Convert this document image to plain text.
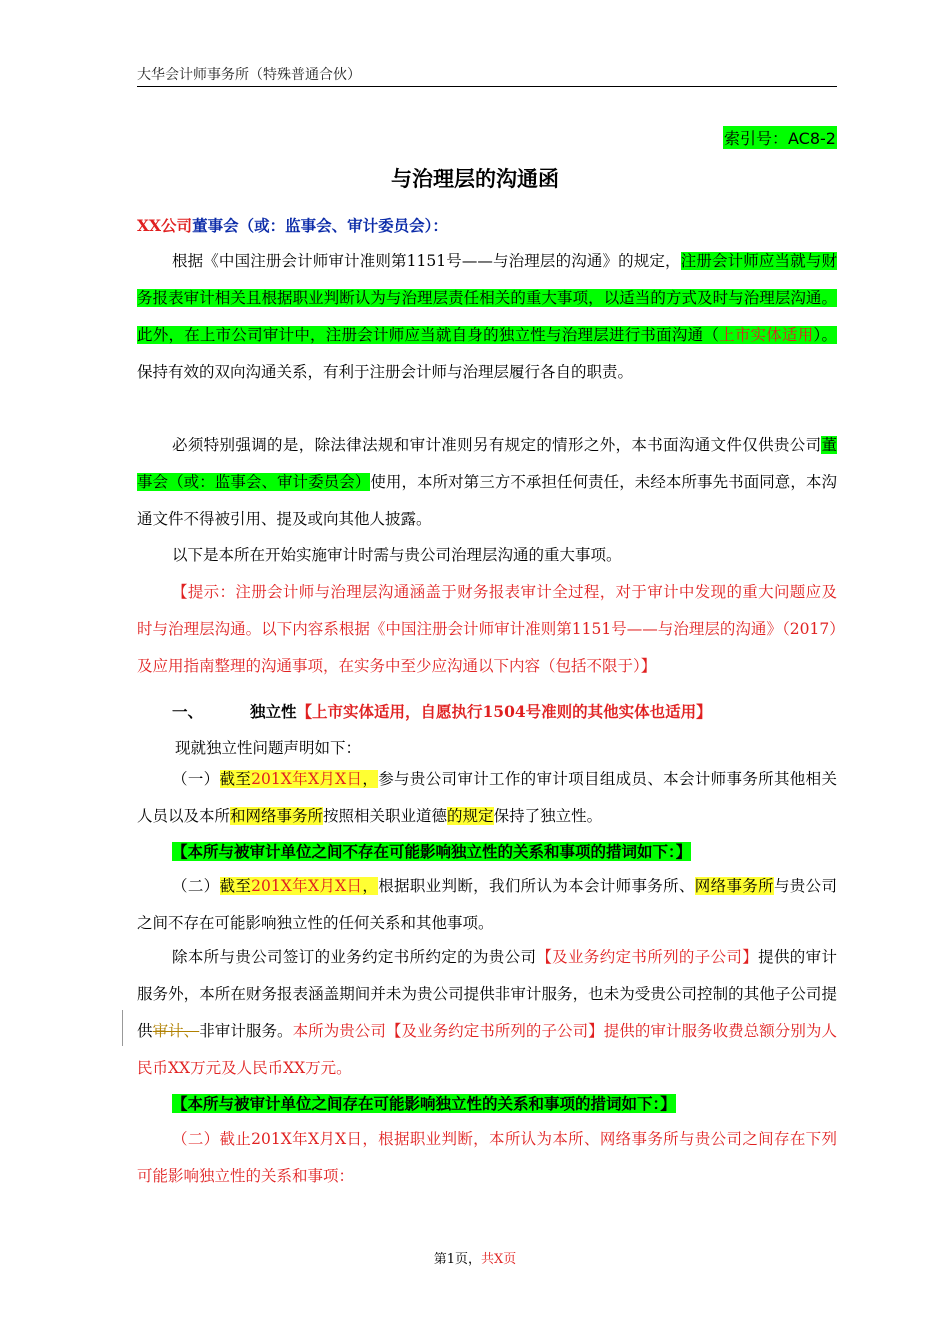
大华会计师事务所（特殊普通合伙）
索引号：AC8-2
与治理层的沟通函
XX公司董事会（或：监事会、审计委员会）：
根据《中国注册会计师审计准则第1151号——与治理层的沟通》的规定，注册会计师应当就与财务报表审计相关且根据职业判断认为与治理层责任相关的重大事项，以适当的方式及时与治理层沟通。此外，在上市公司审计中，注册会计师应当就自身的独立性与治理层进行书面沟通（上市实体适用）。保持有效的双向沟通关系，有利于注册会计师与治理层履行各自的职责。
必须特别强调的是，除法律法规和审计准则另有规定的情形之外，本书面沟通文件仅供贵公司董事会（或：监事会、审计委员会）使用，本所对第三方不承担任何责任，未经本所事先书面同意，本沟通文件不得被引用、提及或向其他人披露。
以下是本所在开始实施审计时需与贵公司治理层沟通的重大事项。
【提示：注册会计师与治理层沟通涵盖于财务报表审计全过程，对于审计中发现的重大问题应及时与治理层沟通。以下内容系根据《中国注册会计师审计准则第1151号——与治理层的沟通》（2017）及应用指南整理的沟通事项，在实务中至少应沟通以下内容（包括不限于）】
一、	独立性【上市实体适用，自愿执行1504号准则的其他实体也适用】
现就独立性问题声明如下：
（一）截至201X年X月X日，参与贵公司审计工作的审计项目组成员、本会计师事务所其他相关人员以及本所和网络事务所按照相关职业道德的规定保持了独立性。
【本所与被审计单位之间不存在可能影响独立性的关系和事项的措词如下：】
（二）截至201X年X月X日，根据职业判断，我们所认为本会计师事务所、网络事务所与贵公司之间不存在可能影响独立性的任何关系和其他事项。
除本所与贵公司签订的业务约定书所约定的为贵公司【及业务约定书所列的子公司】提供的审计服务外，本所在财务报表涵盖期间并未为贵公司提供非审计服务，也未为受贵公司控制的其他子公司提供审计、非审计服务。本所为贵公司【及业务约定书所列的子公司】提供的审计服务收费总额分别为人民币XX万元及人民币XX万元。
【本所与被审计单位之间存在可能影响独立性的关系和事项的措词如下：】
（二）截止201X年X月X日，根据职业判断，本所认为本所、网络事务所与贵公司之间存在下列可能影响独立性的关系和事项：
第1页，共X页
